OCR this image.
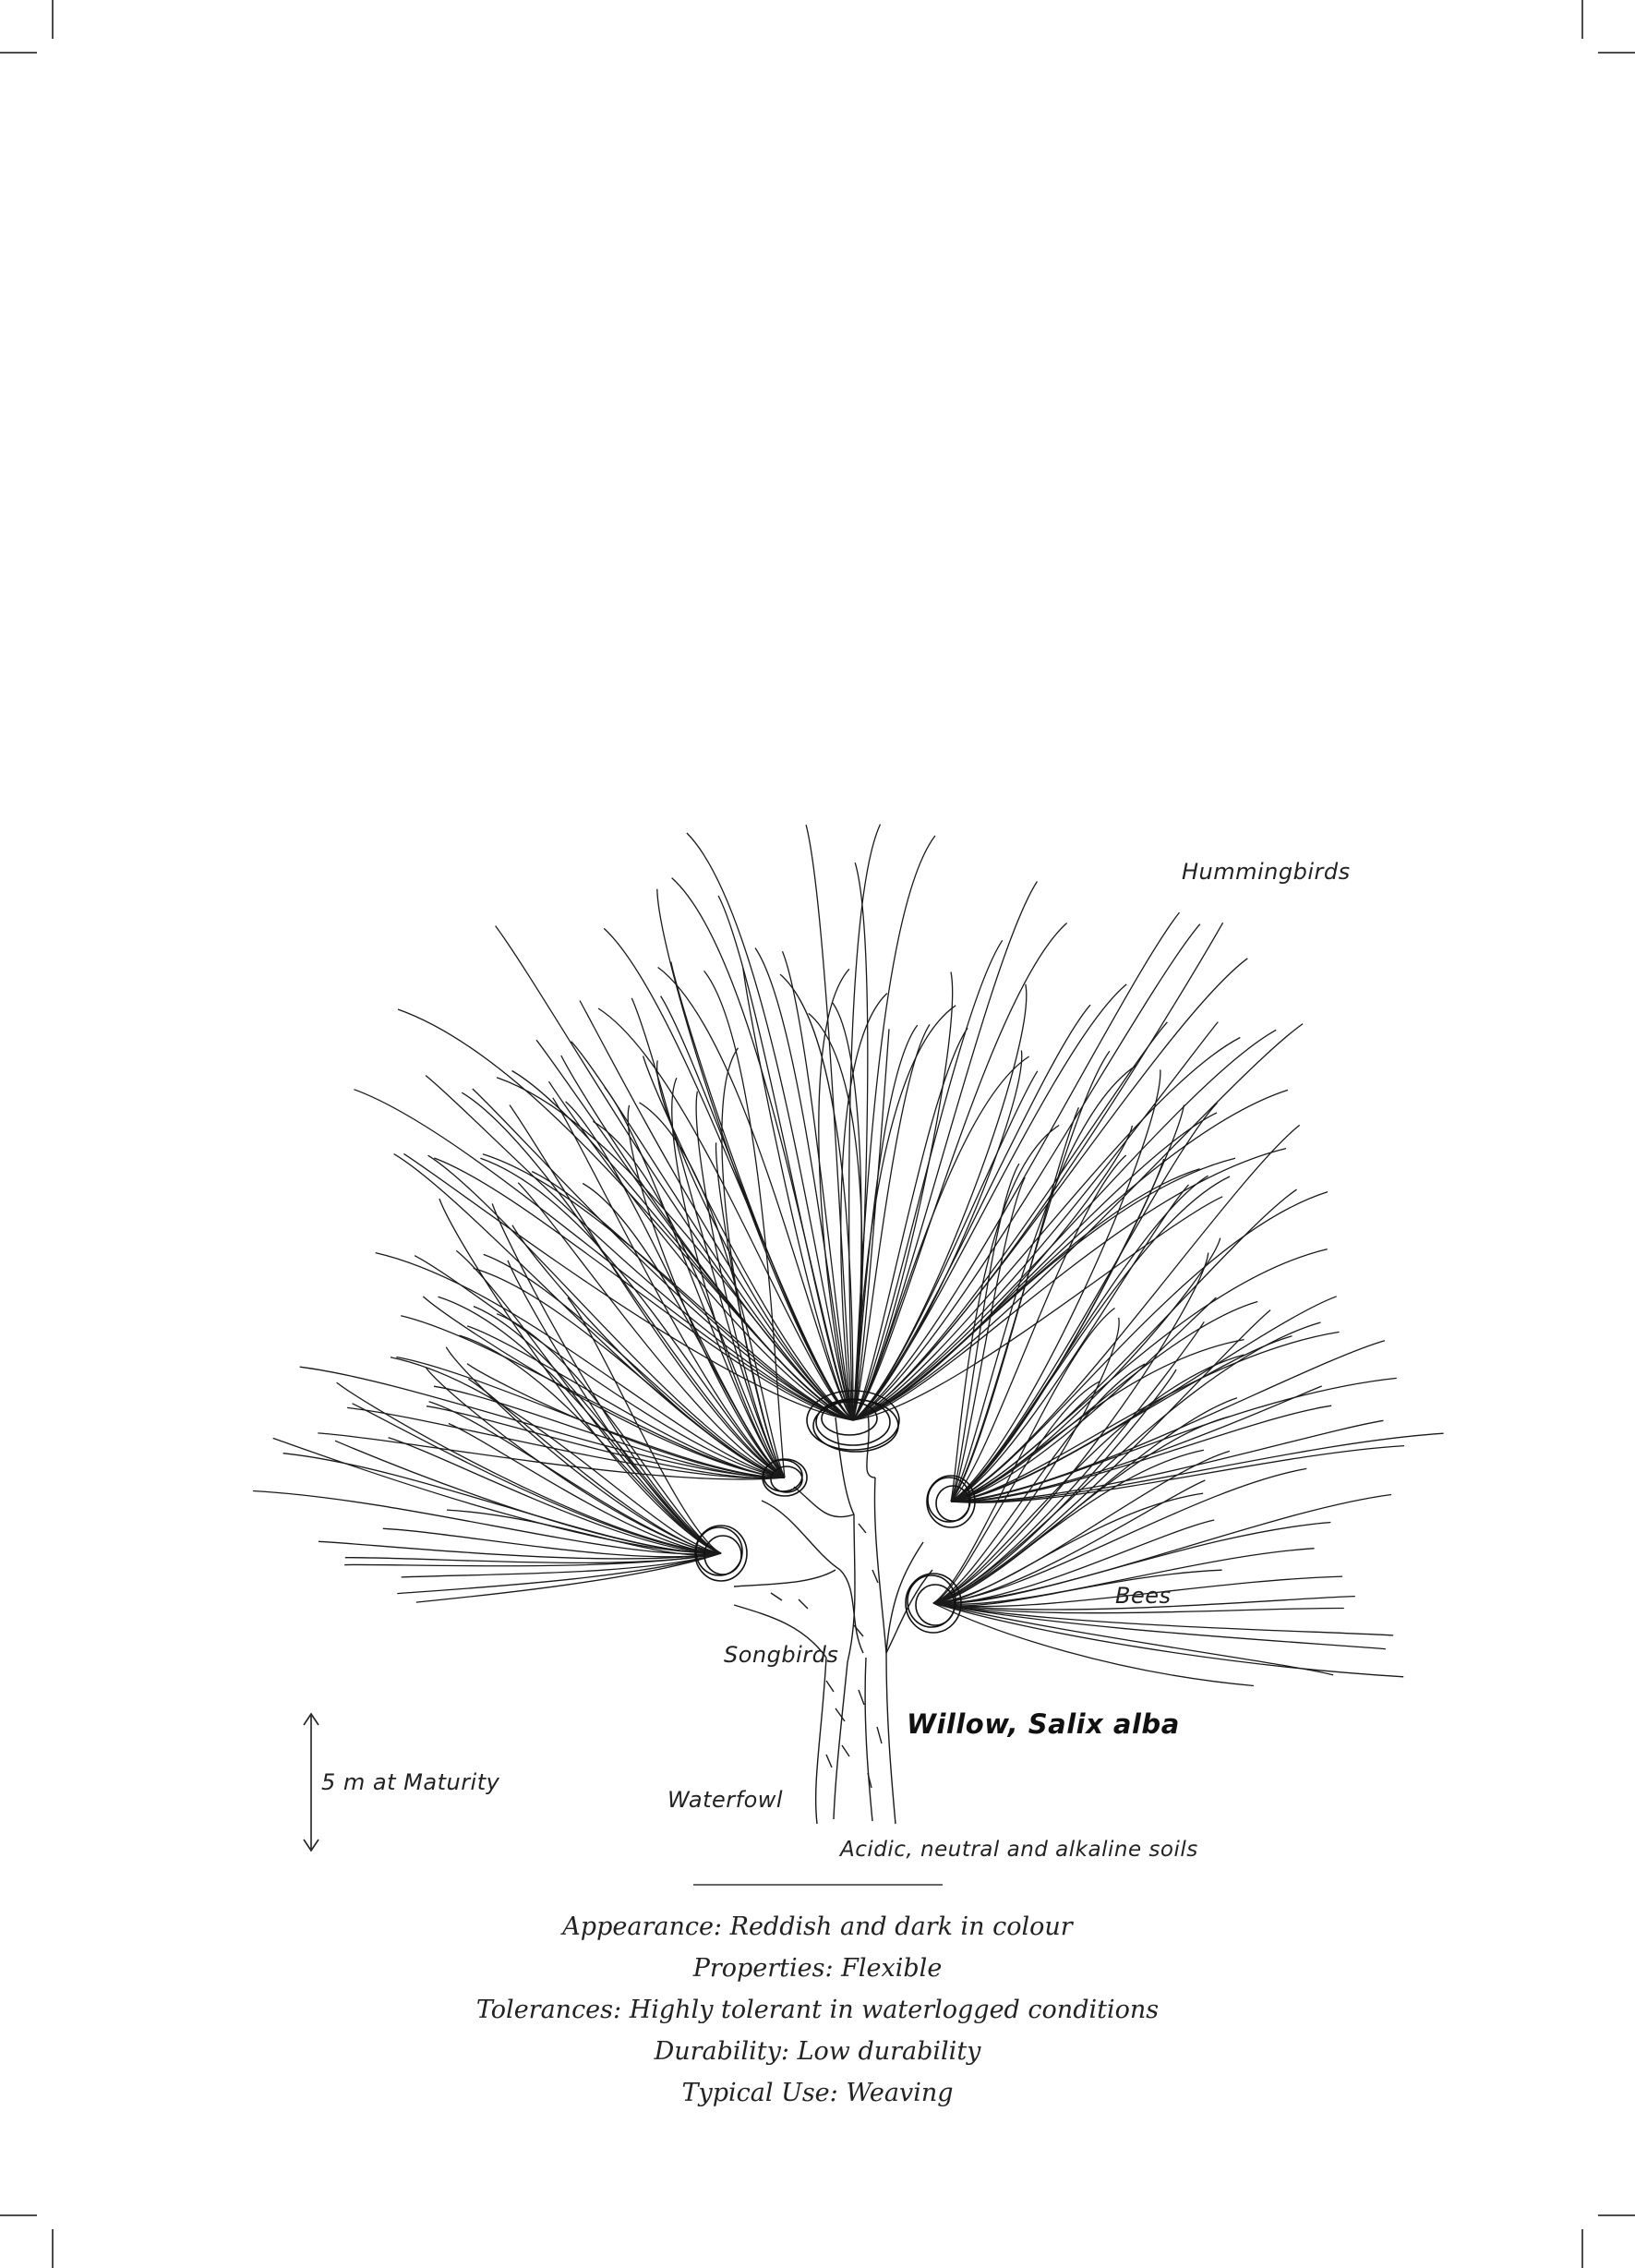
Hummingbirds
Bees
Songbirds
Willow, Salix alba
5 m at Maturity
Waterfowl
Acidic, neutral and alkaline soils
Appearance: Reddish and dark in colour
Properties: Flexible
Tolerances: Highly tolerant in waterlogged conditions
Durability: Low durability
Typical Use: Weaving
